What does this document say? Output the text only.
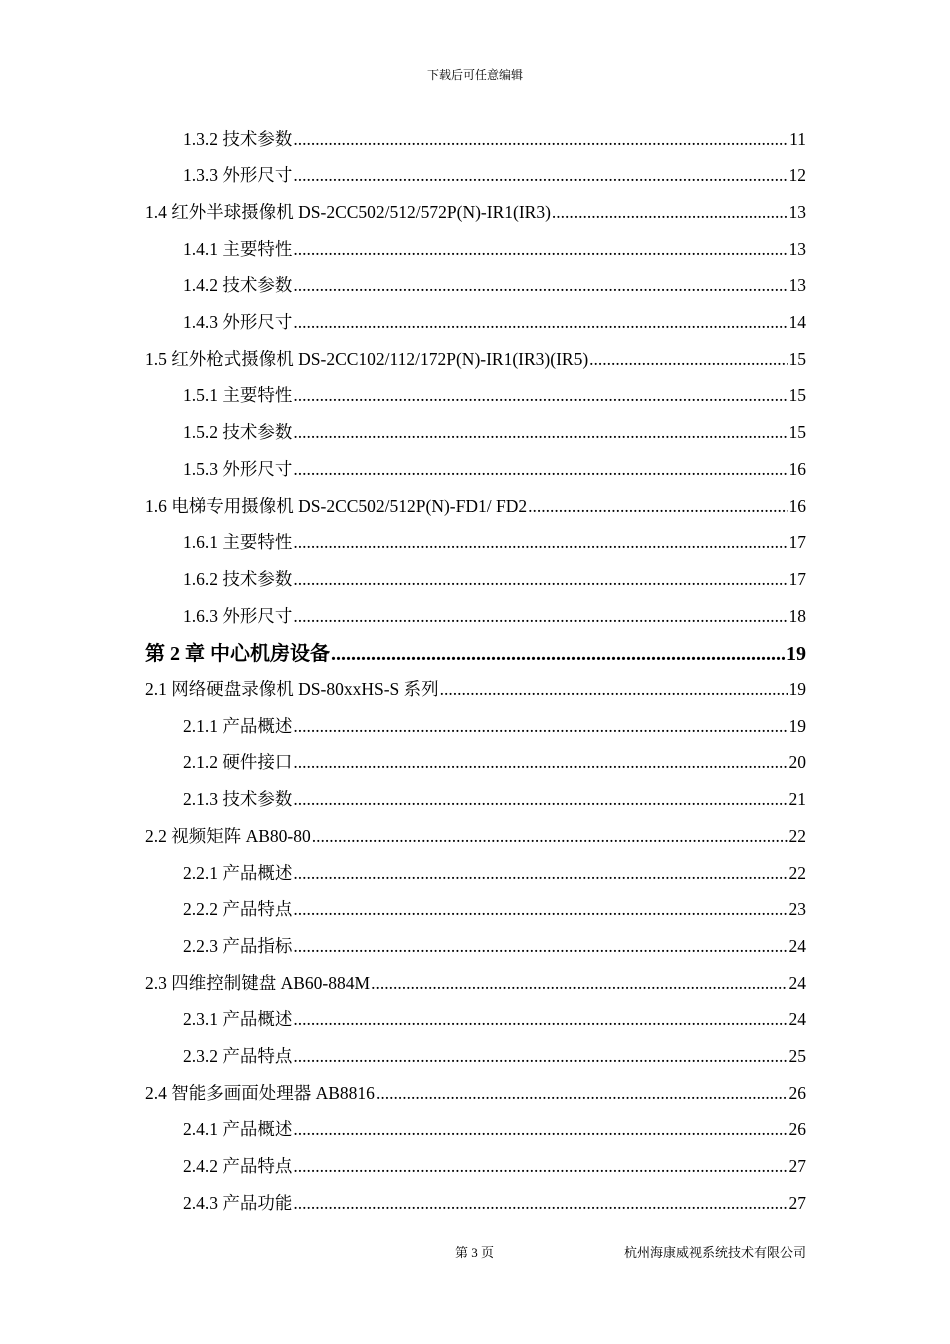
下载后可任意编辑
1.3.2 技术参数 .....	11
1.3.3 外形尺寸 .....	12
1.4 红外半球摄像机 DS-2CC502/512/572P(N)-IR1(IR3) .....	13
1.4.1 主要特性 .....	13
1.4.2 技术参数 .....	13
1.4.3 外形尺寸 .....	14
1.5 红外枪式摄像机 DS-2CC102/112/172P(N)-IR1(IR3)(IR5) .....	15
1.5.1 主要特性 .....	15
1.5.2 技术参数 .....	15
1.5.3 外形尺寸 .....	16
1.6 电梯专用摄像机 DS-2CC502/512P(N)-FD1/ FD2 .....	16
1.6.1 主要特性 .....	17
1.6.2 技术参数 .....	17
1.6.3 外形尺寸 .....	18
第 2 章 中心机房设备 .....	19
2.1 网络硬盘录像机 DS-80xxHS-S 系列 .....	19
2.1.1 产品概述 .....	19
2.1.2 硬件接口 .....	20
2.1.3 技术参数 .....	21
2.2 视频矩阵 AB80-80 .....	22
2.2.1 产品概述 .....	22
2.2.2 产品特点 .....	23
2.2.3 产品指标 .....	24
2.3 四维控制键盘 AB60-884M .....	24
2.3.1 产品概述 .....	24
2.3.2 产品特点 .....	25
2.4 智能多画面处理器 AB8816 .....	26
2.4.1 产品概述 .....	26
2.4.2 产品特点 .....	27
2.4.3 产品功能 .....	27
第 3 页	杭州海康威视系统技术有限公司
